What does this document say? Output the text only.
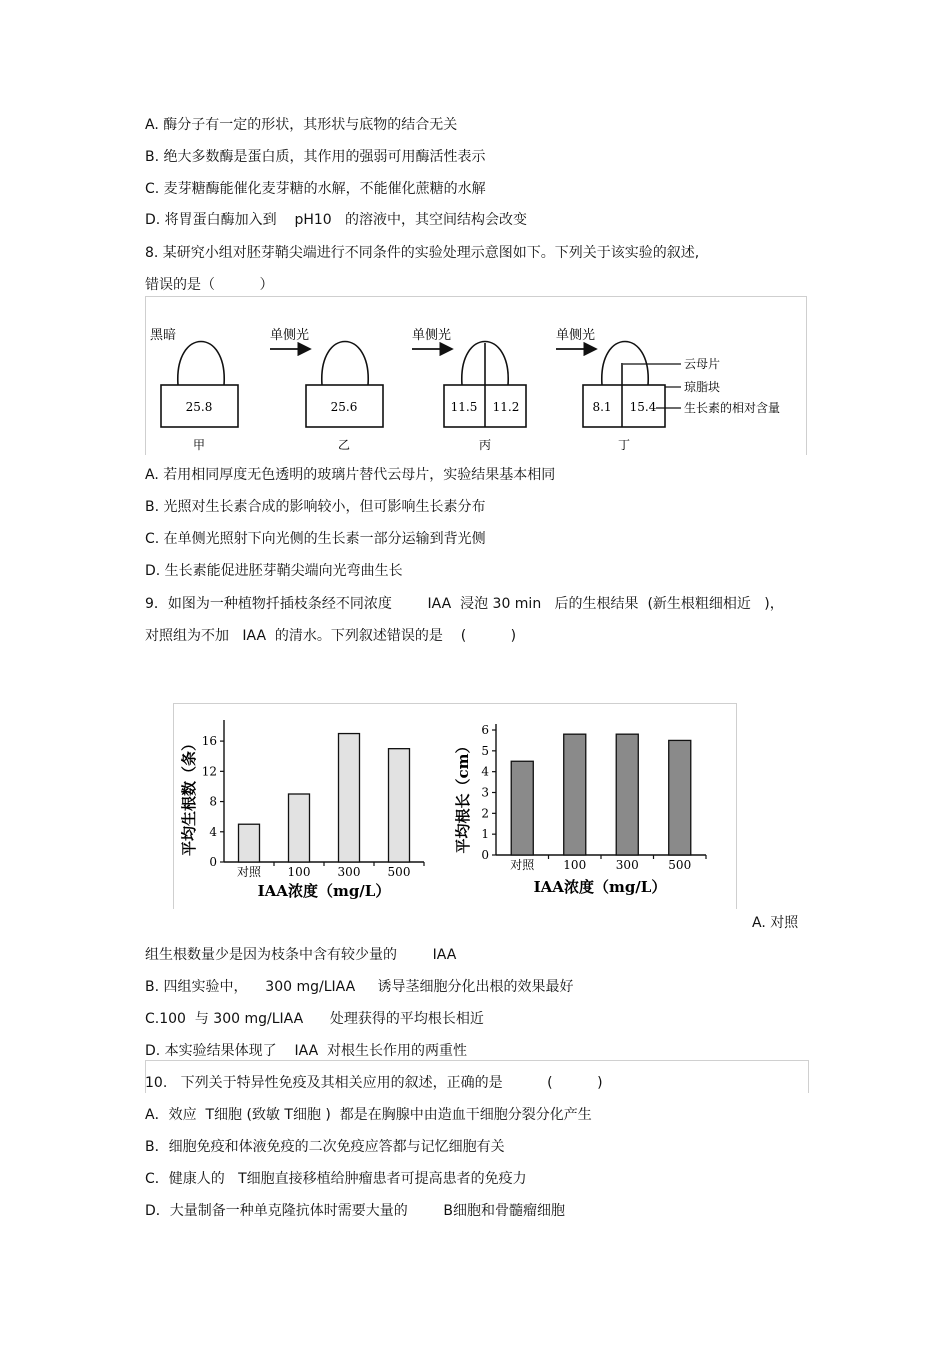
A. 酶分子有一定的形状，其形状与底物的结合无关
B. 绝大多数酶是蛋白质，其作用的强弱可用酶活性表示
C. 麦芽糖酶能催化麦芽糖的水解，不能催化蔗糖的水解
D. 将胃蛋白酶加入到    pH10   的溶液中，其空间结构会改变
8. 某研究小组对胚芽鞘尖端进行不同条件的实验处理示意图如下。下列关于该实验的叙述,
错误的是（          ）
黑暗	单侧光	单侧光	单侧光
25.8
甲
25.6
乙
11.5 11.2
丙
8.1 15.4
丁
云母片
琼脂块
生长素的相对含量
A. 若用相同厚度无色透明的玻璃片替代云母片，实验结果基本相同
B. 光照对生长素合成的影响较小，但可影响生长素分布
C. 在单侧光照射下向光侧的生长素一部分运输到背光侧
D. 生长素能促进胚芽鞘尖端向光弯曲生长
9．如图为一种植物扦插枝条经不同浓度        IAA  浸泡 30 min   后的生根结果  (新生根粗细相近   )，
对照组为不加   IAA  的清水。下列叙述错误的是    (          )
平均生根数（条）
IAA浓度（mg/L）
平均根长（cm）
IAA浓度（mg/L）
0
4
8
12
16
对照 100 300 500
0
1
2
3
4
5
6
对照 100 300 500
A. 对照
组生根数量少是因为枝条中含有较少量的        IAA
B. 四组实验中，    300 mg/LIAA     诱导茎细胞分化出根的效果最好
C.100  与 300 mg/LIAA      处理获得的平均根长相近
D. 本实验结果体现了    IAA  对根生长作用的两重性
10.   下列关于特异性免疫及其相关应用的叙述，正确的是          (          )
A．效应  T细胞 (致敏 T细胞 )  都是在胸腺中由造血干细胞分裂分化产生
B．细胞免疫和体液免疫的二次免疫应答都与记忆细胞有关
C．健康人的   T细胞直接移植给肿瘤患者可提高患者的免疫力
D．大量制备一种单克隆抗体时需要大量的        B细胞和骨髓瘤细胞
